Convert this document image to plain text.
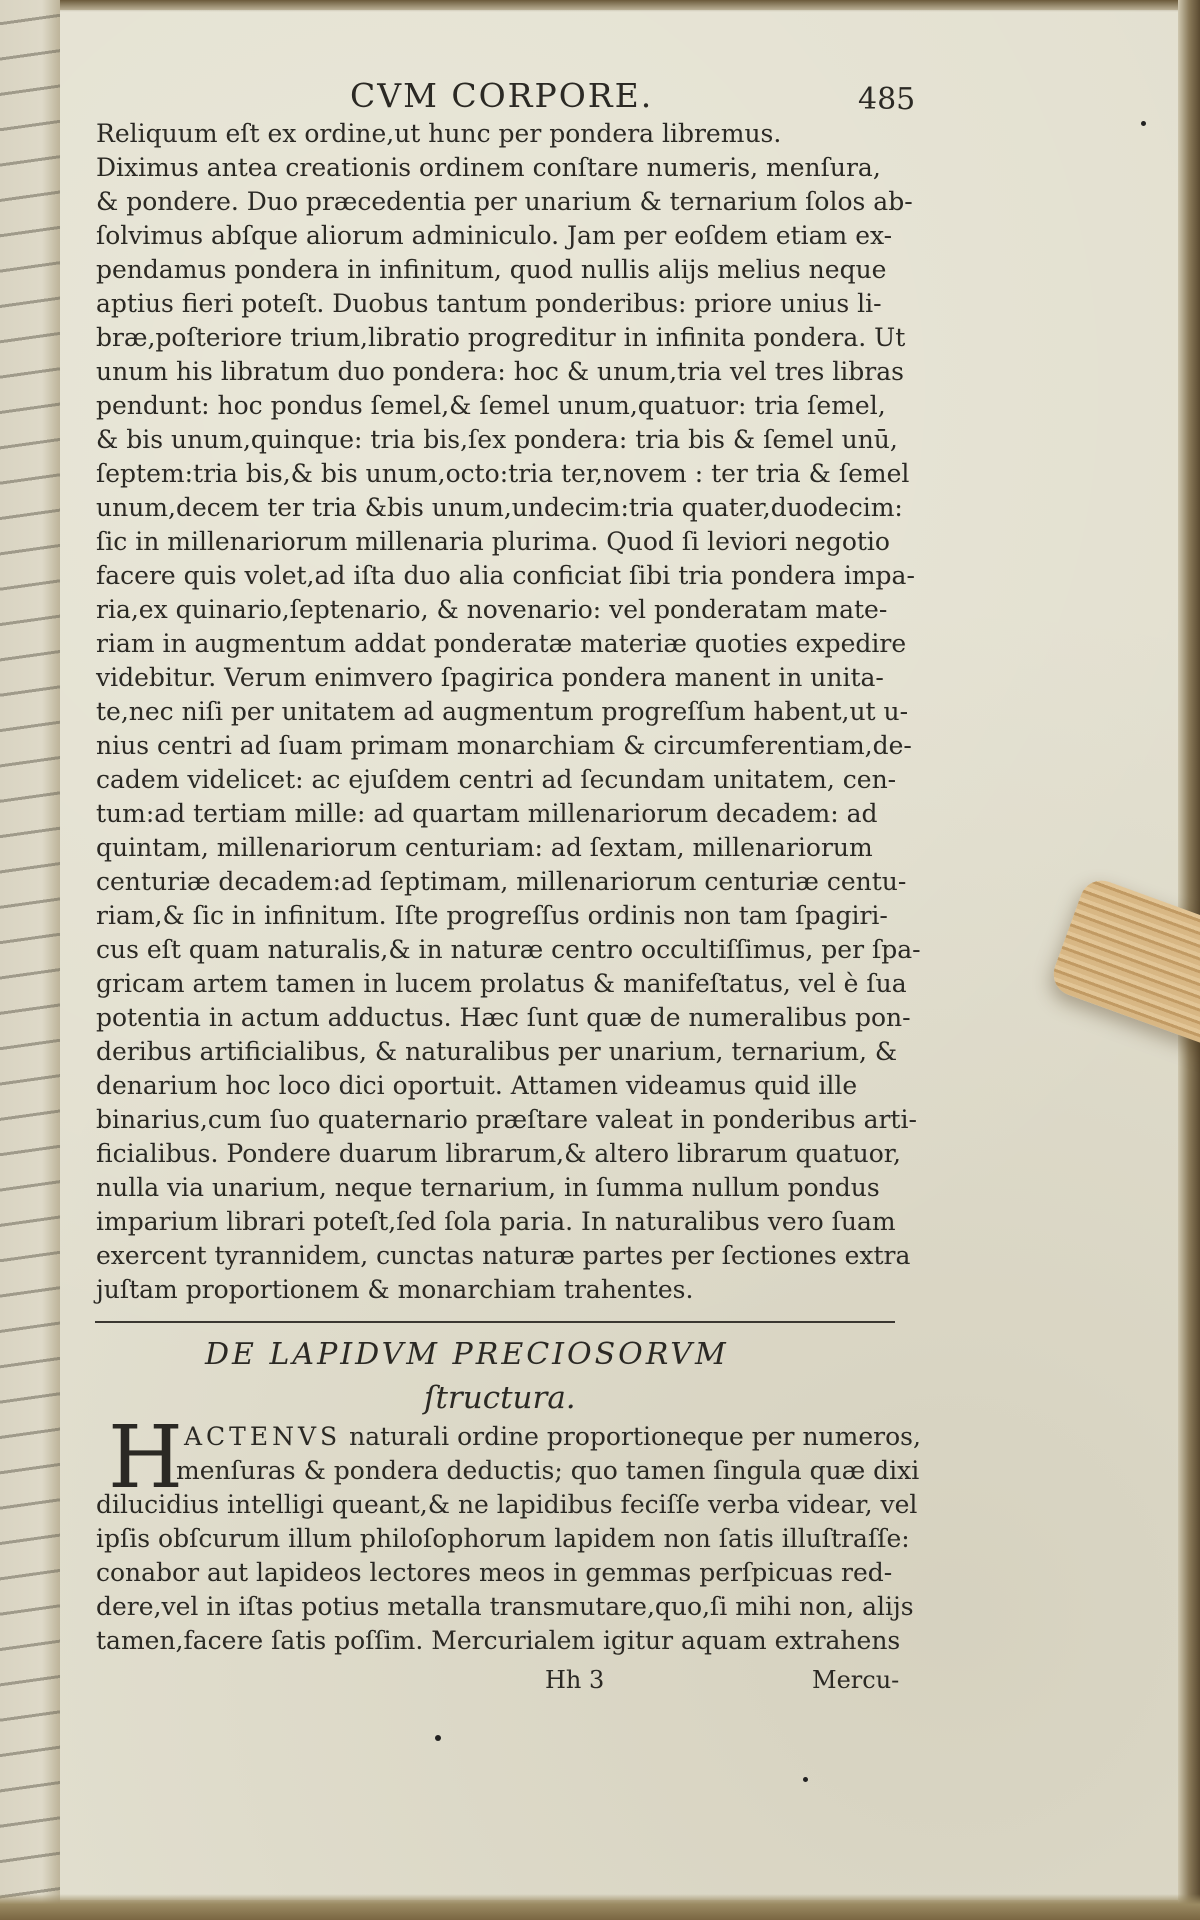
CVM CORPORE.	485
Reliquum eſt ex ordine,ut hunc per pondera libremus.
Diximus antea creationis ordinem conſtare numeris, menſura,
& pondere. Duo præcedentia per unarium & ternarium ſolos ab-
ſolvimus abſque aliorum adminiculo. Jam per eoſdem etiam ex-
pendamus pondera in infinitum, quod nullis alijs melius neque
aptius fieri poteſt. Duobus tantum ponderibus: priore unius li-
bræ,poſteriore trium,libratio progreditur in infinita pondera. Ut
unum his libratum duo pondera: hoc & unum,tria vel tres libras
pendunt: hoc pondus ſemel,& ſemel unum,quatuor: tria ſemel,
& bis unum,quinque: tria bis,ſex pondera: tria bis & ſemel unū,
ſeptem:tria bis,& bis unum,octo:tria ter,novem : ter tria & ſemel
unum,decem ter tria &bis unum,undecim:tria quater,duodecim:
ſic in millenariorum millenaria plurima. Quod ſi leviori negotio
facere quis volet,ad iſta duo alia conficiat ſibi tria pondera impa-
ria,ex quinario,ſeptenario, & novenario: vel ponderatam mate-
riam in augmentum addat ponderatæ materiæ quoties expedire
videbitur. Verum enimvero ſpagirica pondera manent in unita-
te,nec niſi per unitatem ad augmentum progreſſum habent,ut u-
nius centri ad ſuam primam monarchiam & circumferentiam,de-
cadem videlicet: ac ejuſdem centri ad ſecundam unitatem, cen-
tum:ad tertiam mille: ad quartam millenariorum decadem: ad
quintam, millenariorum centuriam: ad ſextam, millenariorum
centuriæ decadem:ad ſeptimam, millenariorum centuriæ centu-
riam,& ſic in infinitum. Iſte progreſſus ordinis non tam ſpagiri-
cus eſt quam naturalis,& in naturæ centro occultiſſimus, per ſpa-
gricam artem tamen in lucem prolatus & manifeſtatus, vel è ſua
potentia in actum adductus. Hæc ſunt quæ de numeralibus pon-
deribus artificialibus, & naturalibus per unarium, ternarium, &
denarium hoc loco dici oportuit. Attamen videamus quid ille
binarius,cum ſuo quaternario præſtare valeat in ponderibus arti-
ficialibus. Pondere duarum librarum,& altero librarum quatuor,
nulla via unarium, neque ternarium, in ſumma nullum pondus
imparium librari poteſt,ſed ſola paria. In naturalibus vero ſuam
exercent tyrannidem, cunctas naturæ partes per ſectiones extra
juſtam proportionem & monarchiam trahentes.
DE LAPIDVM PRECIOSORVM
ſtructura.
H ACTENVS naturali ordine proportioneque per numeros,
menſuras & pondera deductis; quo tamen ſingula quæ dixi
dilucidius intelligi queant,& ne lapidibus feciſſe verba videar, vel
ipſis obſcurum illum philoſophorum lapidem non ſatis illuſtraſſe:
conabor aut lapideos lectores meos in gemmas perſpicuas red-
dere,vel in iſtas potius metalla transmutare,quo,ſi mihi non, alijs
tamen,facere ſatis poſſim. Mercurialem igitur aquam extrahens
Hh 3	Mercu-
